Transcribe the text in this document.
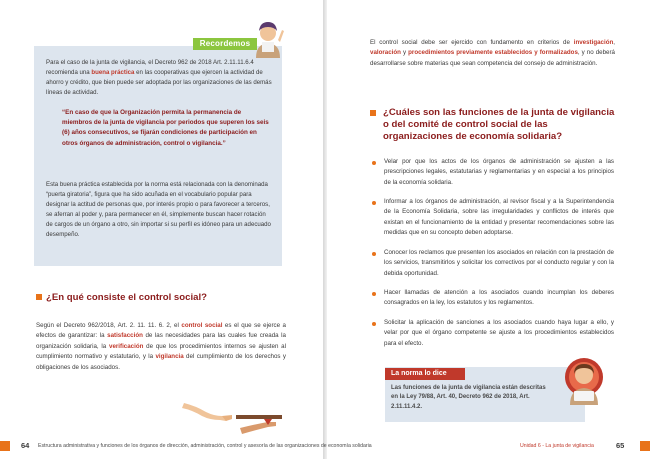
Recordemos
Para el caso de la junta de vigilancia, el Decreto 962 de 2018 Art. 2.11.11.6.4 recomienda una buena práctica en las cooperativas que ejercen la actividad de ahorro y crédito, que bien puede ser adoptada por las organizaciones de las demás líneas de actividad.
“En caso de que la Organización permita la permanencia de miembros de la junta de vigilancia por periodos que superen los seis (6) años consecutivos, se fijarán condiciones de participación en otros órganos de administración, control o vigilancia.”
Esta buena práctica establecida por la norma está relacionada con la denominada “puerta giratoria”, figura que ha sido acuñada en el vocabulario popular para designar la actitud de personas que, por interés propio o para favorecer a terceros, se aferran al poder y, para permanecer en él, simplemente buscan hacer rotación de cargos de un órgano a otro, sin importar si su perfil es idóneo para un adecuado desempeño.
¿En qué consiste el control social?
Según el Decreto 962/2018, Art. 2. 11. 11. 6. 2, el control social es el que se ejerce a efectos de garantizar: la satisfacción de las necesidades para las cuales fue creada la organización solidaria, la verificación de que los procedimientos internos se ajusten al cumplimiento normativo y estatutario, y la vigilancia del cumplimiento de los derechos y obligaciones de los asociados.
64 Estructura administrativa y funciones de los órganos de dirección, administración, control y asesoría de las organizaciones de economía solidaria
El control social debe ser ejercido con fundamento en criterios de investigación, valoración y procedimientos previamente establecidos y formalizados, y no deberá desarrollarse sobre materias que sean competencia del consejo de administración.
¿Cuáles son las funciones de la junta de vigilancia o del comité de control social de las organizaciones de economía solidaria?
Velar por que los actos de los órganos de administración se ajusten a las prescripciones legales, estatutarias y reglamentarias y en especial a los principios de la economía solidaria.
Informar a los órganos de administración, al revisor fiscal y a la Superintendencia de la Economía Solidaria, sobre las irregularidades y conflictos de interés que existan en el funcionamiento de la entidad y presentar recomendaciones sobre las medidas que en su concepto deben adoptarse.
Conocer los reclamos que presenten los asociados en relación con la prestación de los servicios, transmitirlos y solicitar los correctivos por el conducto regular y con la debida oportunidad.
Hacer llamadas de atención a los asociados cuando incumplan los deberes consagrados en la ley, los estatutos y los reglamentos.
Solicitar la aplicación de sanciones a los asociados cuando haya lugar a ello, y velar por que el órgano competente se ajuste a los procedimientos establecidos para el efecto.
La norma lo dice
Las funciones de la junta de vigilancia están descritas en la Ley 79/88, Art. 40, Decreto 962 de 2018, Art. 2.11.11.4.2.
Unidad 6 - La junta de vigilancia	65
